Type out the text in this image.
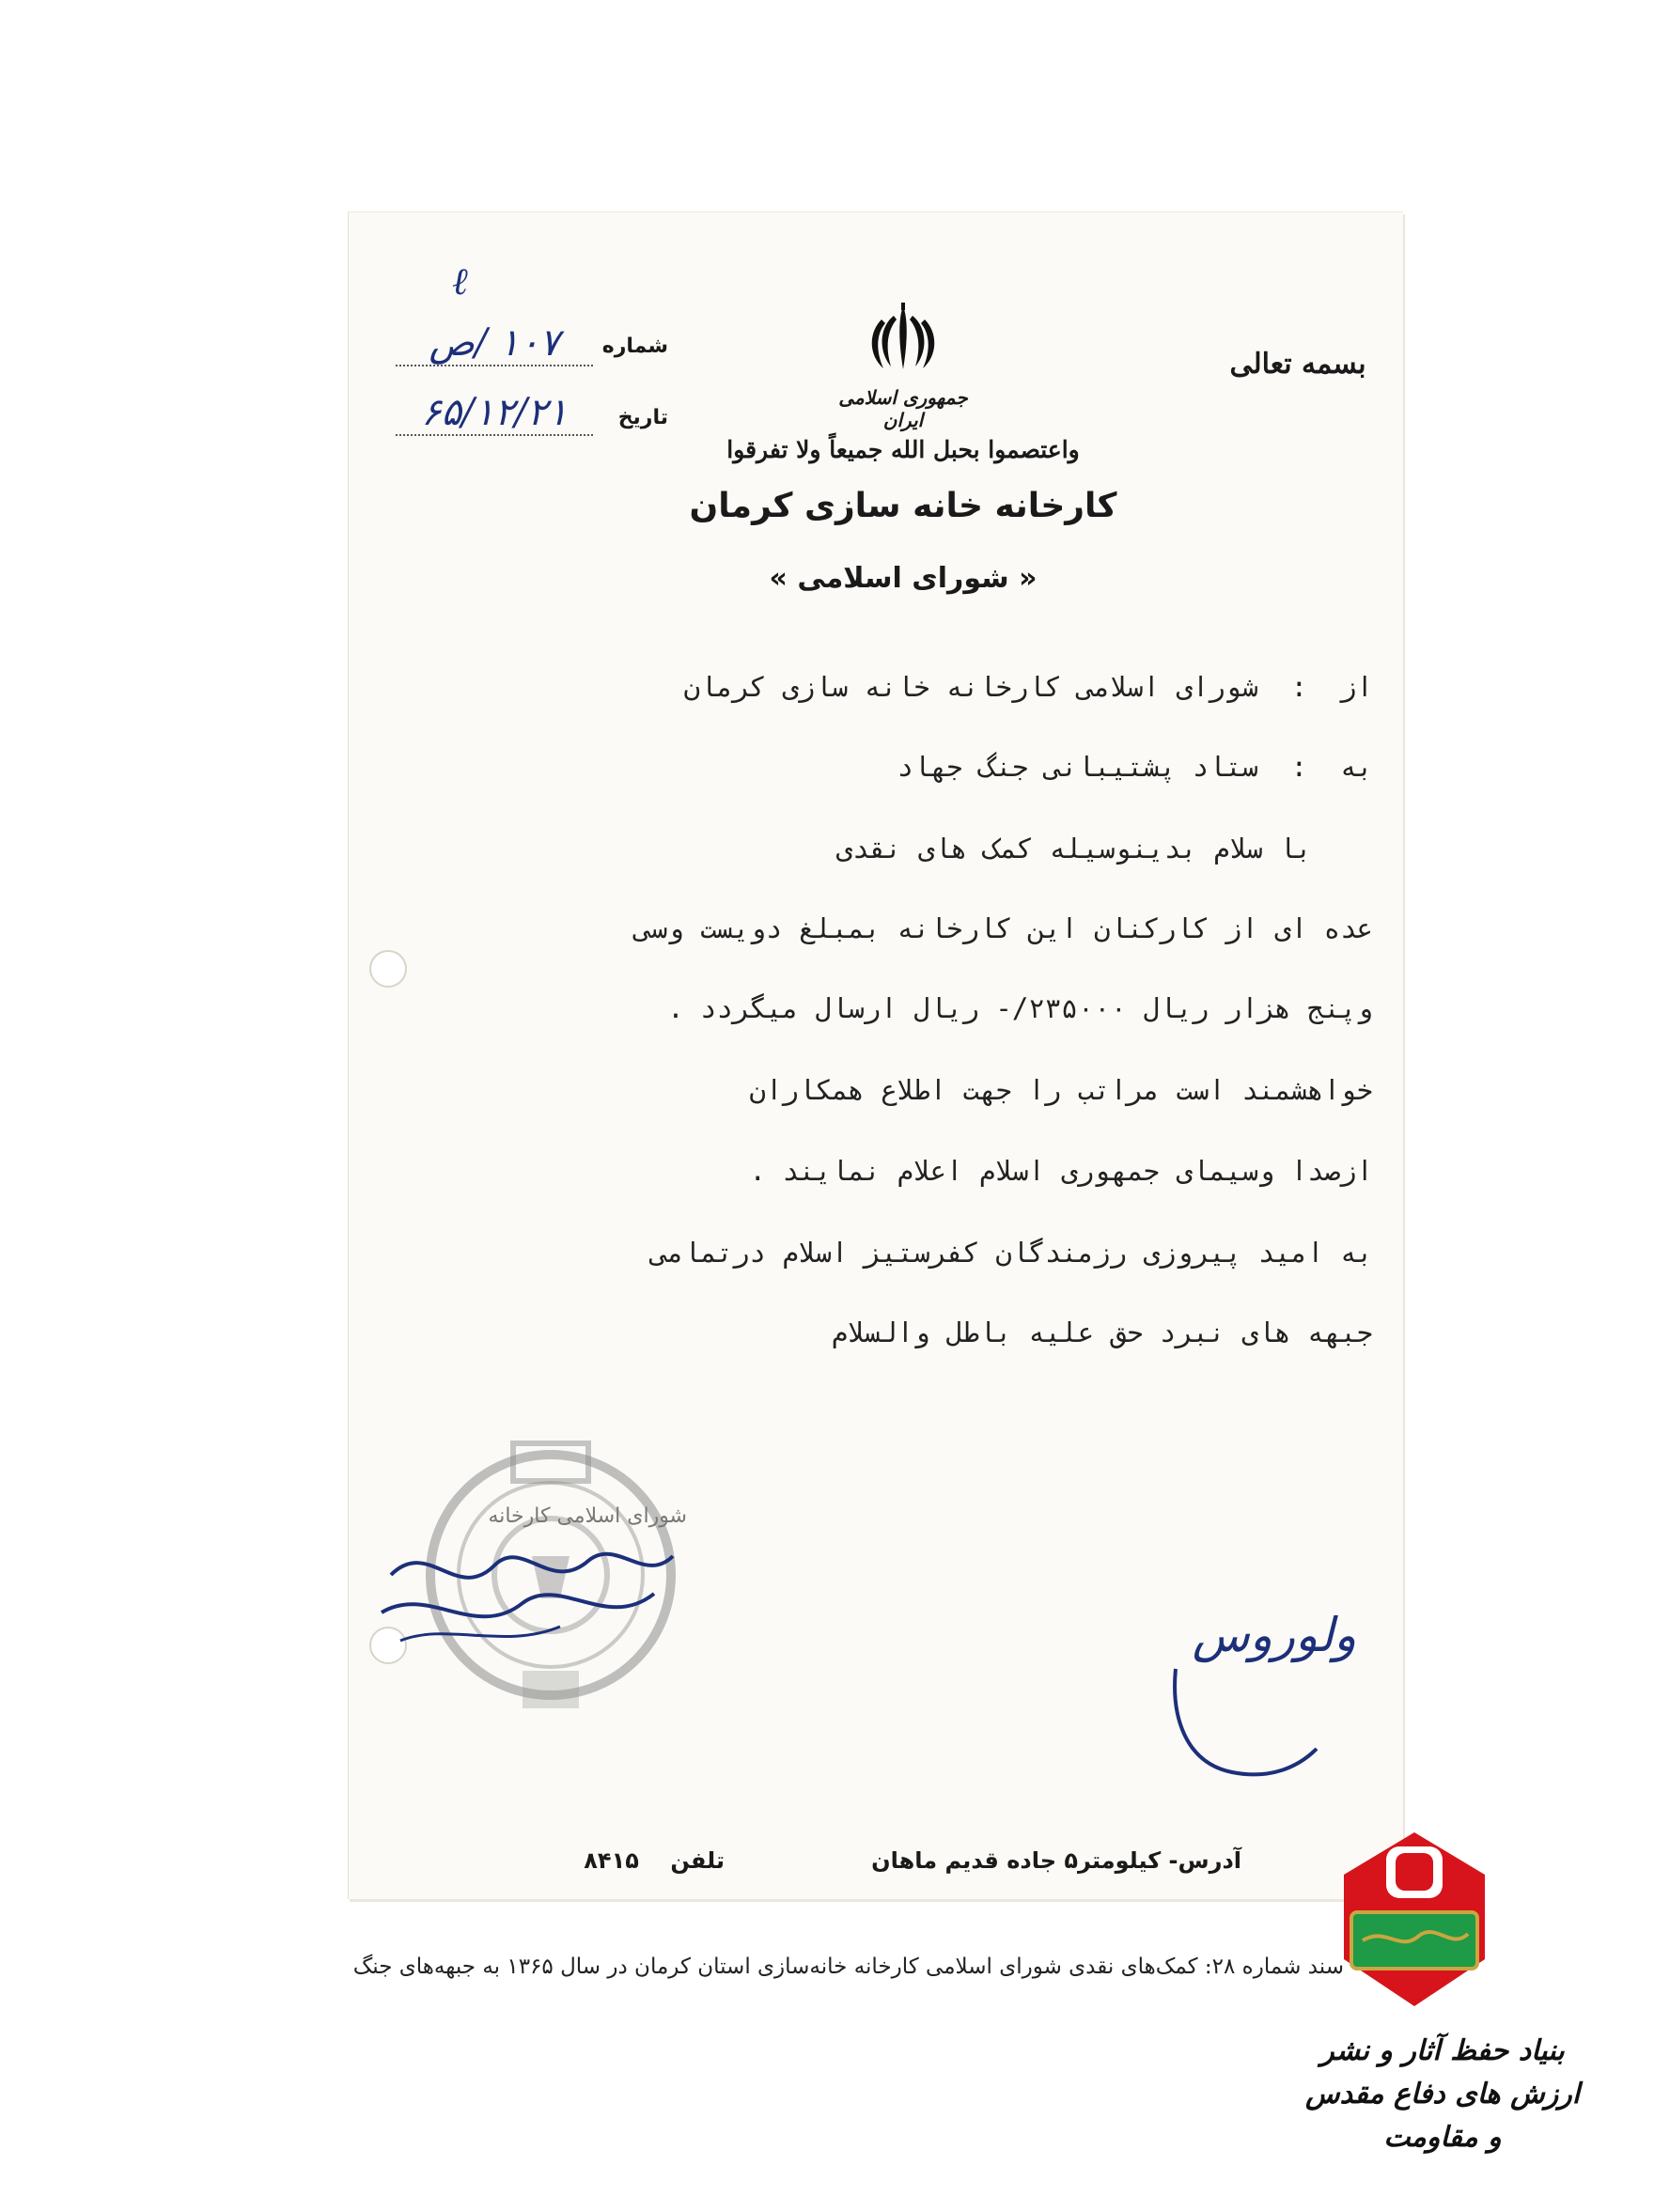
جمهوری اسلامی ایران
بسمه تعالی
شماره
۱۰۷ /ص
ℓ
تاریخ
۶۵/۱۲/۲۱
واعتصموا بحبل الله جمیعاً ولا تفرقوا
کارخانه خانه سازی کرمان
« شورای اسلامی »
از  :  شورای اسلامی کارخانه خانه سازی کرمان
به  :  ستاد پشتیبانی جنگ جهاد
با سلام بدینوسیله کمک های نقدی
عده ای از کارکنان این کارخانه بمبلغ دویست وسی
وپنج هزار ریال ۲۳۵۰۰۰/- ریال ارسال میگردد .
خواهشمند است مراتب را جهت اطلاع همکاران
ازصدا وسیمای جمهوری اسلام اعلام نمایند .
به امید پیروزی رزمندگان کفرستیز اسلام درتمامی
جبهه های نبرد حق علیه باطل والسلام
شورای اسلامی کارخانه
ولوروس
آدرس- کیلومتر۵ جاده قدیم ماهان
تلفن    ۸۴۱۵
سند شماره ۲۸: کمک‌های نقدی شورای اسلامی کارخانه خانه‌سازی استان کرمان در سال ۱۳۶۵ به جبهه‌های جنگ
بنیاد حفظ آثار و نشر ارزش های دفاع مقدس و مقاومت
